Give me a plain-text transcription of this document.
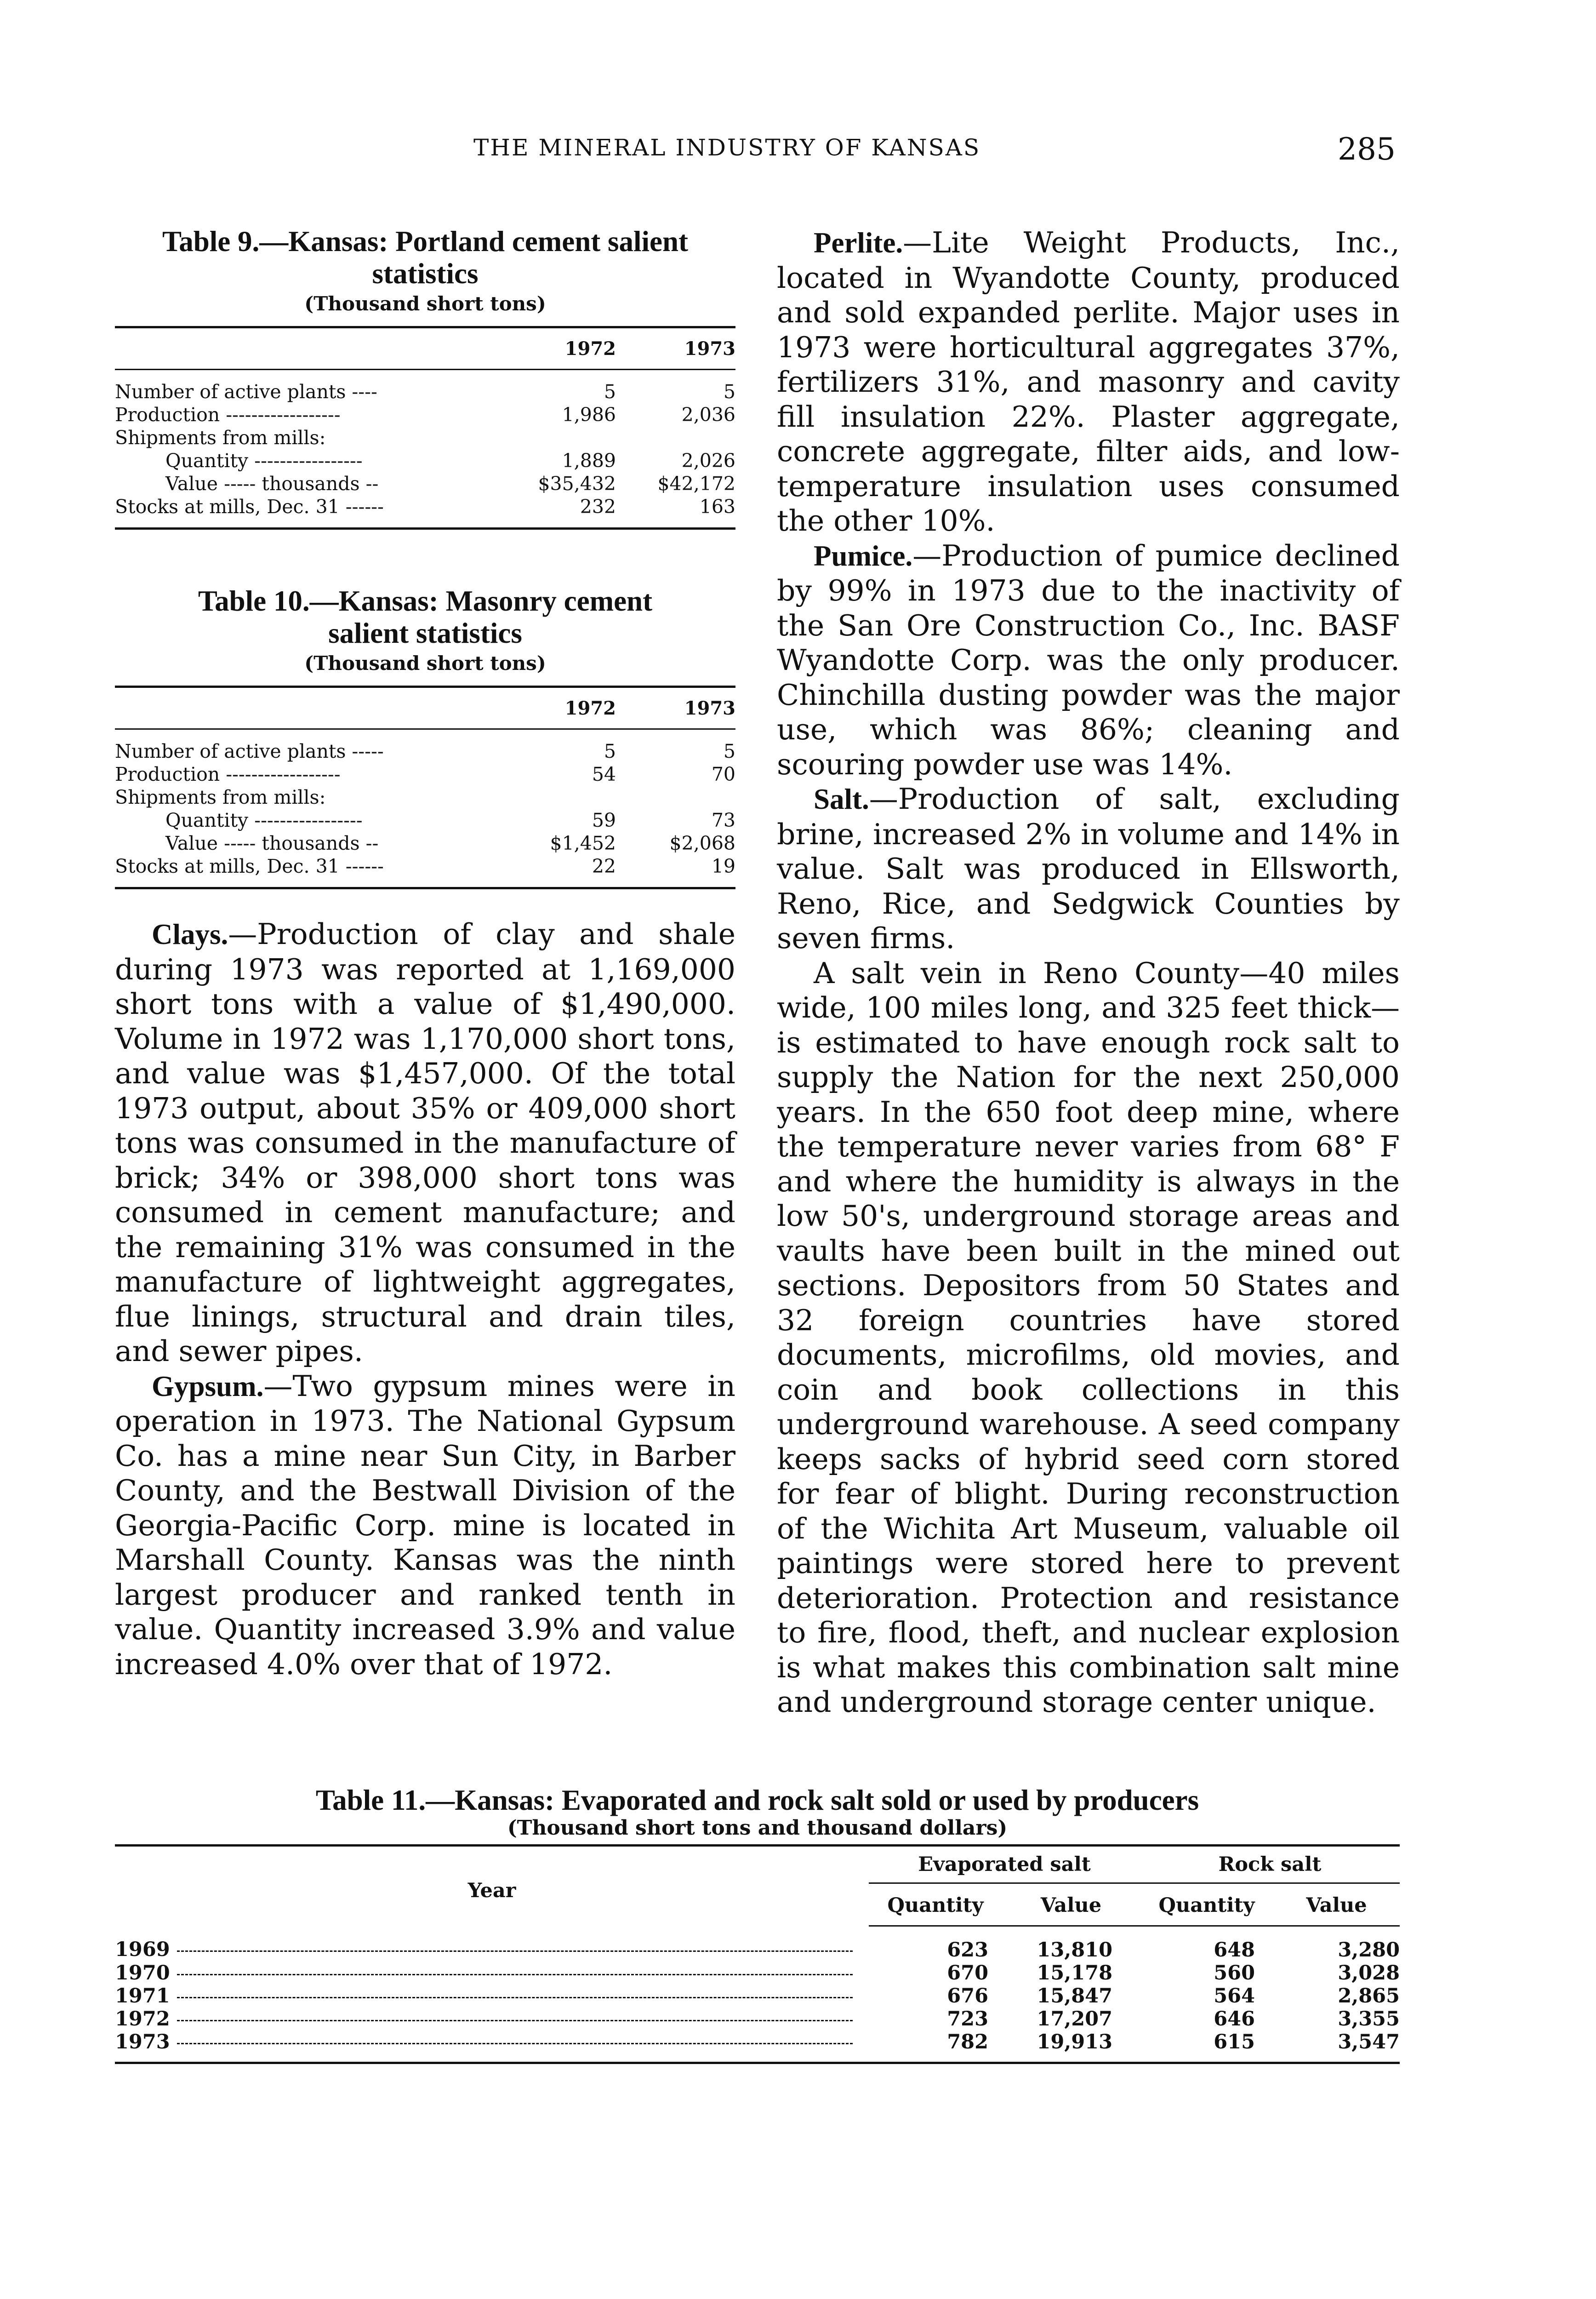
THE MINERAL INDUSTRY OF KANSAS	285
Table 9.—Kansas: Portland cement salient
statistics
(Thousand short tons)
	1972	1973
Number of active plants ----	5	5
Production ------------------	1,986	2,036
Shipments from mills:		
Quantity -----------------	1,889	2,026
Value ----- thousands --	$35,432	$42,172
Stocks at mills, Dec. 31 ------	232	163
Table 10.—Kansas: Masonry cement
salient statistics
(Thousand short tons)
	1972	1973
Number of active plants -----	5	5
Production ------------------	54	70
Shipments from mills:		
Quantity -----------------	59	73
Value ----- thousands --	$1,452	$2,068
Stocks at mills, Dec. 31 ------	22	19

Clays.—Production of clay and shale during 1973 was reported at 1,169,000 short tons with a value of $1,490,000. Volume in 1972 was 1,170,000 short tons, and value was $1,457,000. Of the total 1973 output, about 35% or 409,000 short tons was consumed in the manufacture of brick; 34% or 398,000 short tons was consumed in cement manufacture; and the remaining 31% was consumed in the manufacture of lightweight aggregates, flue linings, structural and drain tiles, and sewer pipes.

Gypsum.—Two gypsum mines were in operation in 1973. The National Gypsum Co. has a mine near Sun City, in Barber County, and the Bestwall Division of the Georgia-Pacific Corp. mine is located in Marshall County. Kansas was the ninth largest producer and ranked tenth in value. Quantity increased 3.9% and value increased 4.0% over that of 1972.

Perlite.—Lite Weight Products, Inc., located in Wyandotte County, produced and sold expanded perlite. Major uses in 1973 were horticultural aggregates 37%, fertilizers 31%, and masonry and cavity fill insulation 22%. Plaster aggregate, concrete aggregate, filter aids, and low-temperature insulation uses consumed the other 10%.

Pumice.—Production of pumice declined by 99% in 1973 due to the inactivity of the San Ore Construction Co., Inc. BASF Wyandotte Corp. was the only producer. Chinchilla dusting powder was the major use, which was 86%; cleaning and scouring powder use was 14%.

Salt.—Production of salt, excluding brine, increased 2% in volume and 14% in value. Salt was produced in Ellsworth, Reno, Rice, and Sedgwick Counties by seven firms.

A salt vein in Reno County—40 miles wide, 100 miles long, and 325 feet thick—is estimated to have enough rock salt to supply the Nation for the next 250,000 years. In the 650 foot deep mine, where the temperature never varies from 68° F and where the humidity is always in the low 50's, underground storage areas and vaults have been built in the mined out sections. Depositors from 50 States and 32 foreign countries have stored documents, microfilms, old movies, and coin and book collections in this underground warehouse. A seed company keeps sacks of hybrid seed corn stored for fear of blight. During reconstruction of the Wichita Art Museum, valuable oil paintings were stored here to prevent deterioration. Protection and resistance to fire, flood, theft, and nuclear explosion is what makes this combination salt mine and underground storage center unique.

Table 11.—Kansas: Evaporated and rock salt sold or used by producers
(Thousand short tons and thousand dollars)
Year	Evaporated salt		Rock salt	
	Quantity	Value	Quantity	Value
1969	623	13,810	648	3,280
1970	670	15,178	560	3,028
1971	676	15,847	564	2,865
1972	723	17,207	646	3,355
1973	782	19,913	615	3,547
